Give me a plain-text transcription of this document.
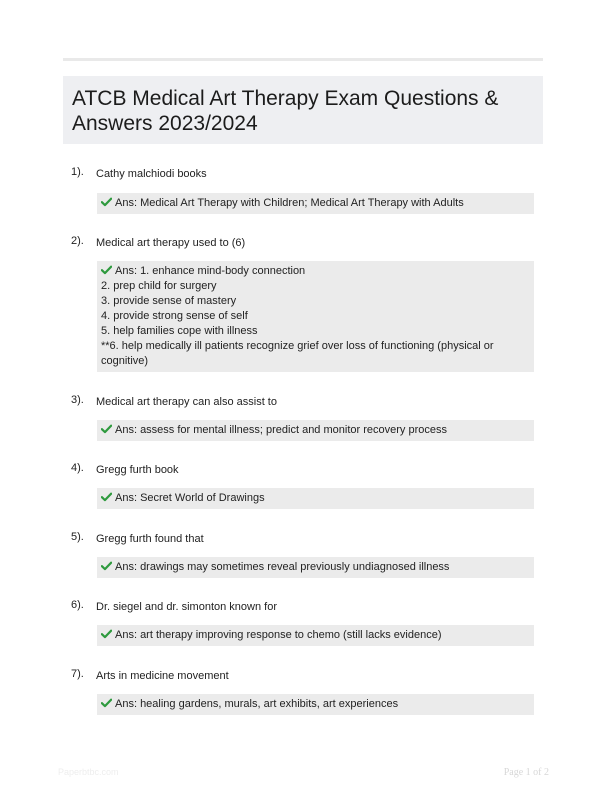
ATCB Medical Art Therapy Exam Questions &
Answers 2023/2024
1). Cathy malchiodi books
Ans: Medical Art Therapy with Children; Medical Art Therapy with Adults
2). Medical art therapy used to (6)
Ans: 1. enhance mind-body connection
2. prep child for surgery
3. provide sense of mastery
4. provide strong sense of self
5. help families cope with illness
**6. help medically ill patients recognize grief over loss of functioning (physical or
cognitive)
3). Medical art therapy can also assist to
Ans: assess for mental illness; predict and monitor recovery process
4). Gregg furth book
Ans: Secret World of Drawings
5). Gregg furth found that
Ans: drawings may sometimes reveal previously undiagnosed illness
6). Dr. siegel and dr. simonton known for
Ans: art therapy improving response to chemo (still lacks evidence)
7). Arts in medicine movement
Ans: healing gardens, murals, art exhibits, art experiences
Paperbtbc.com	Page 1 of 2
